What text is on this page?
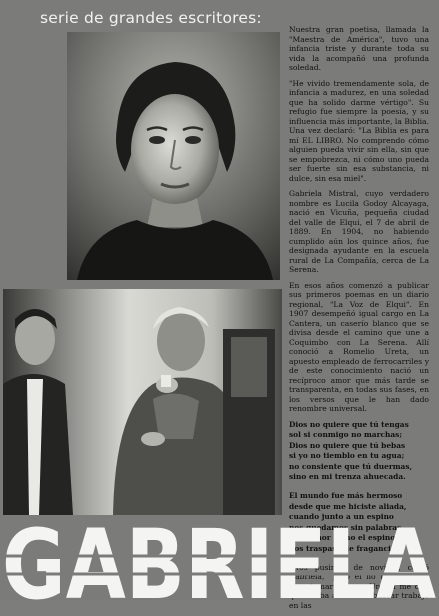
serie de grandes escritores:

Nuestra gran poetisa, llamada la "Maestra de América", tuvo una infancia triste y durante toda su vida la acompañó una profunda soledad.

"He vivido tremendamente sola, de infancia a madurez, en una soledad que ha solido darme vértigo". Su refugio fue siempre la poesía, y su influencia más importante, la Biblia. Una vez declaró: "La Biblia es para mí EL LIBRO. No comprendo cómo alguien pueda vivir sin ella, sin que se empobrezca, ni cómo uno pueda ser fuerte sin esa substancia, ni dulce, sin esa miel".

Gabriela Mistral, cuyo verdadero nombre es Lucila Godoy Alcayaga, nació en Vicuña, pequeña ciudad del valle de Elqui, el 7 de abril de 1889. En 1904, no habiendo cumplido aún los quince años, fue designada ayudante en la escuela rural de La Compañía, cerca de La Serena.

En esos años comenzó a publicar sus primeros poemas en un diario regional, "La Voz de Elqui". En 1907 desempeñó igual cargo en La Cantera, un caserío blanco que se divisa desde el camino que une a Coquimbo con La Serena. Allí conoció a Romelio Ureta, un apuesto empleado de ferrocarriles y de este conocimiento nació un recíproco amor que más tarde se transparenta, en todas sus fases, en los versos que le han dado renombre universal.

Dios no quiere que tú tengas
sol si conmigo no marchas;
Dios no quiere que tú bebas
si yo no tiemblo en tu agua;
no consiente que tú duermas,
sino en mi trenza ahuecada.
El mundo fue más hermoso
desde que me hiciste aliada,
cuando junto a un espino
nos quedamos sin palabras,
¡y el amor como el espino
nos traspasó de fragancia!

"Nos pusimos de novios", contó Gabriela, "pero él no tenía dinero para tomar esposa. Un día me dijo que se iba al norte a buscar trabajo en las

GABRIELA
